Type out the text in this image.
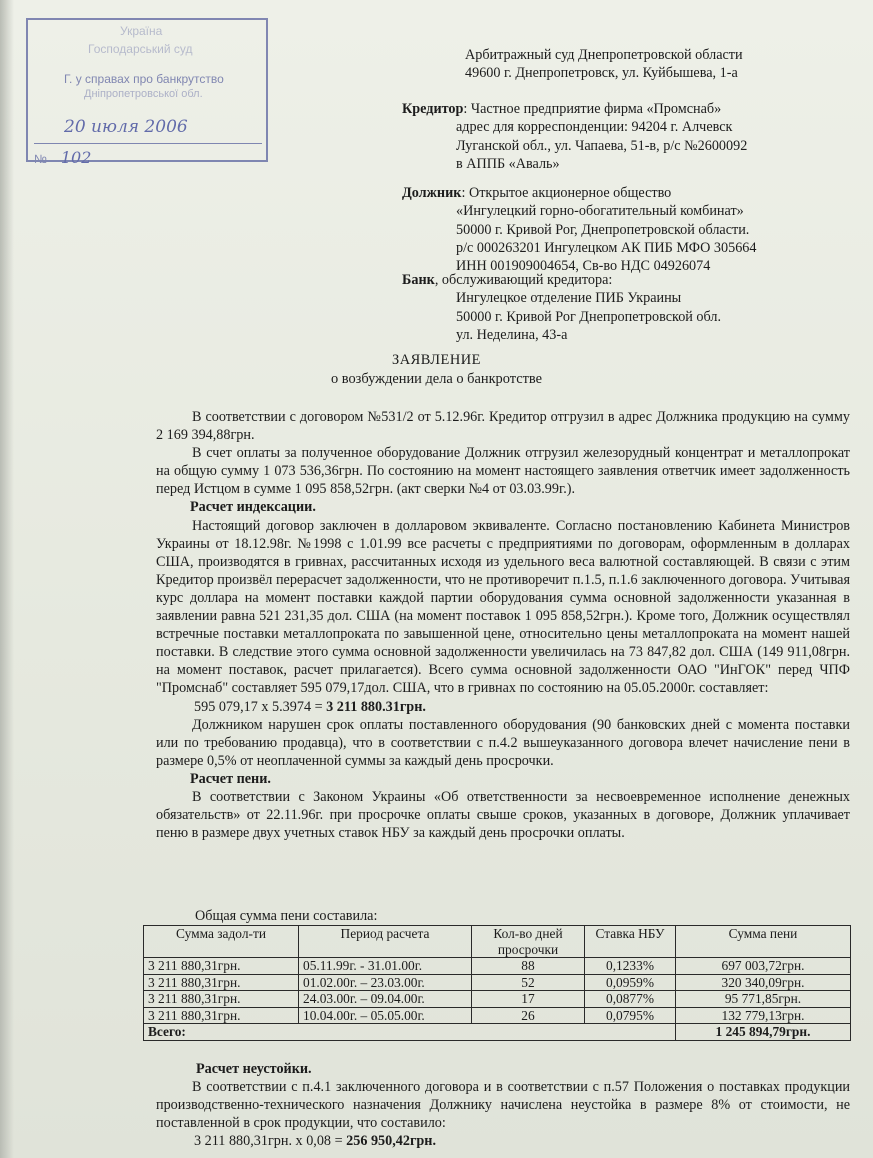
Україна
Господарський суд
Г. у справах про банкрутство
Дніпропетровської обл.
20 июля 2006
№ 102
Арбитражный суд Днепропетровской области
49600 г. Днепропетровск, ул. Куйбышева, 1-а
Кредитор: Частное предприятие фирма «Промснаб»
адрес для корреспонденции: 94204 г. Алчевск
Луганской обл., ул. Чапаева, 51-в, р/с №2600092
в АППБ «Аваль»
Должник: Открытое акционерное общество
«Ингулецкий горно-обогатительный комбинат»
50000 г. Кривой Рог, Днепропетровской области.
р/с 000263201 Ингулецком АК ПИБ МФО 305664
ИНН 001909004654, Св-во НДС 04926074
Банк, обслуживающий кредитора:
Ингулецкое отделение ПИБ Украины
50000 г. Кривой Рог Днепропетровской обл.
ул. Неделина, 43-а
ЗАЯВЛЕНИЕ
о возбуждении дела о банкротстве

В соответствии с договором №531/2 от 5.12.96г. Кредитор отгрузил в адрес Должника продукцию на сумму 2 169 394,88грн.

В счет оплаты за полученное оборудование Должник отгрузил железорудный концентрат и металлопрокат на общую сумму 1 073 536,36грн. По состоянию на момент настоящего заявления ответчик имеет задолженность перед Истцом в сумме 1 095 858,52грн. (акт сверки №4 от 03.03.99г.).

Расчет индексации.

Настоящий договор заключен в долларовом эквиваленте. Согласно постановлению Кабинета Министров Украины от 18.12.98г. №1998 с 1.01.99 все расчеты с предприятиями по договорам, оформленным в долларах США, производятся в гривнах, рассчитанных исходя из удельного веса валютной составляющей. В связи с этим Кредитор произвёл перерасчет задолженности, что не противоречит п.1.5, п.1.6 заключенного договора. Учитывая курс доллара на момент поставки каждой партии оборудования сумма основной задолженности указанная в заявлении равна 521 231,35 дол. США (на момент поставок 1 095 858,52грн.). Кроме того, Должник осуществлял встречные поставки металлопроката по завышенной цене, относительно цены металлопроката на момент нашей поставки. В следствие этого сумма основной задолженности увеличилась на 73 847,82 дол. США (149 911,08грн. на момент поставок, расчет прилагается). Всего сумма основной задолженности ОАО "ИнГОК" перед ЧПФ "Промснаб" составляет 595 079,17дол. США, что в гривнах по состоянию на 05.05.2000г. составляет:

595 079,17 х 5.3974 = 3 211 880.31грн.

Должником нарушен срок оплаты поставленного оборудования (90 банковских дней с момента поставки или по требованию продавца), что в соответствии с п.4.2 вышеуказанного договора влечет начисление пени в размере 0,5% от неоплаченной суммы за каждый день просрочки.

Расчет пени.

В соответствии с Законом Украины «Об ответственности за несвоевременное исполнение денежных обязательств» от 22.11.96г. при просрочке оплаты свыше сроков, указанных в договоре, Должник уплачивает пеню в размере двух учетных ставок НБУ за каждый день просрочки оплаты.

Общая сумма пени составила:
Сумма задол-ти	Период расчета	Кол-во дней просрочки	Ставка НБУ	Сумма пени
3 211 880,31грн.	05.11.99г. - 31.01.00г.	88	0,1233%	697 003,72грн.
3 211 880,31грн.	01.02.00г. – 23.03.00г.	52	0,0959%	320 340,09грн.
3 211 880,31грн.	24.03.00г. – 09.04.00г.	17	0,0877%	95 771,85грн.
3 211 880,31грн.	10.04.00г. – 05.05.00г.	26	0,0795%	132 779,13грн.
Всего:				1 245 894,79грн.

Расчет неустойки.

В соответствии с п.4.1 заключенного договора и в соответствии с п.57 Положения о поставках продукции производственно-технического назначения Должнику начислена неустойка в размере 8% от стоимости, не поставленной в срок продукции, что составило:

3 211 880,31грн. х 0,08 = 256 950,42грн.
